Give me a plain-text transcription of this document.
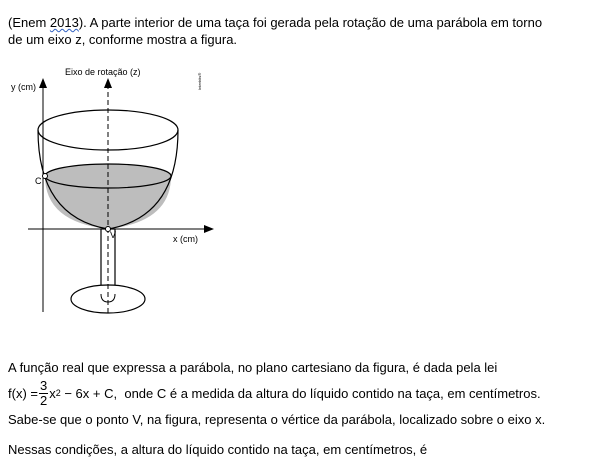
(Enem 2013). A parte interior de uma taça foi gerada pela rotação de uma parábola em torno
de um eixo z, conforme mostra a figura.
Eixo de rotação (z)
y (cm)
x (cm)
C
V
Interbits®
A função real que expressa a parábola, no plano cartesiano da figura, é dada pela lei
$f(x) = \frac{3}{2}$ x 2 − 6x + C, onde C é a medida da altura do líquido contido na taça, em centímetros.
Sabe-se que o ponto V, na figura, representa o vértice da parábola, localizado sobre o eixo x.
Nessas condições, a altura do líquido contido na taça, em centímetros, é
